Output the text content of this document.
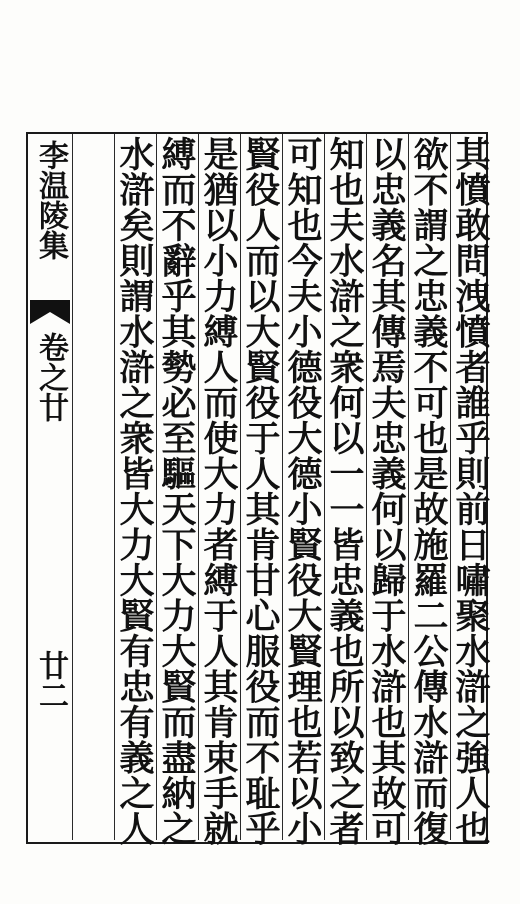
李温陵集
卷之廿
廿二	其憤敢問洩憤者誰乎則前日嘯聚水滸之強人也
欲不謂之忠義不可也是故施羅二公傳水滸而復
以忠義名其傳焉夫忠義何以歸于水滸也其故可
知也夫水滸之衆何以一一皆忠義也所以致之者
可知也今夫小德役大德小賢役大賢理也若以小
賢役人而以大賢役于人其肯甘心服役而不耻乎
是猶以小力縛人而使大力者縛于人其肯束手就
縛而不辭乎其勢必至驅天下大力大賢而盡納之
水滸矣則謂水滸之衆皆大力大賢有忠有義之人
